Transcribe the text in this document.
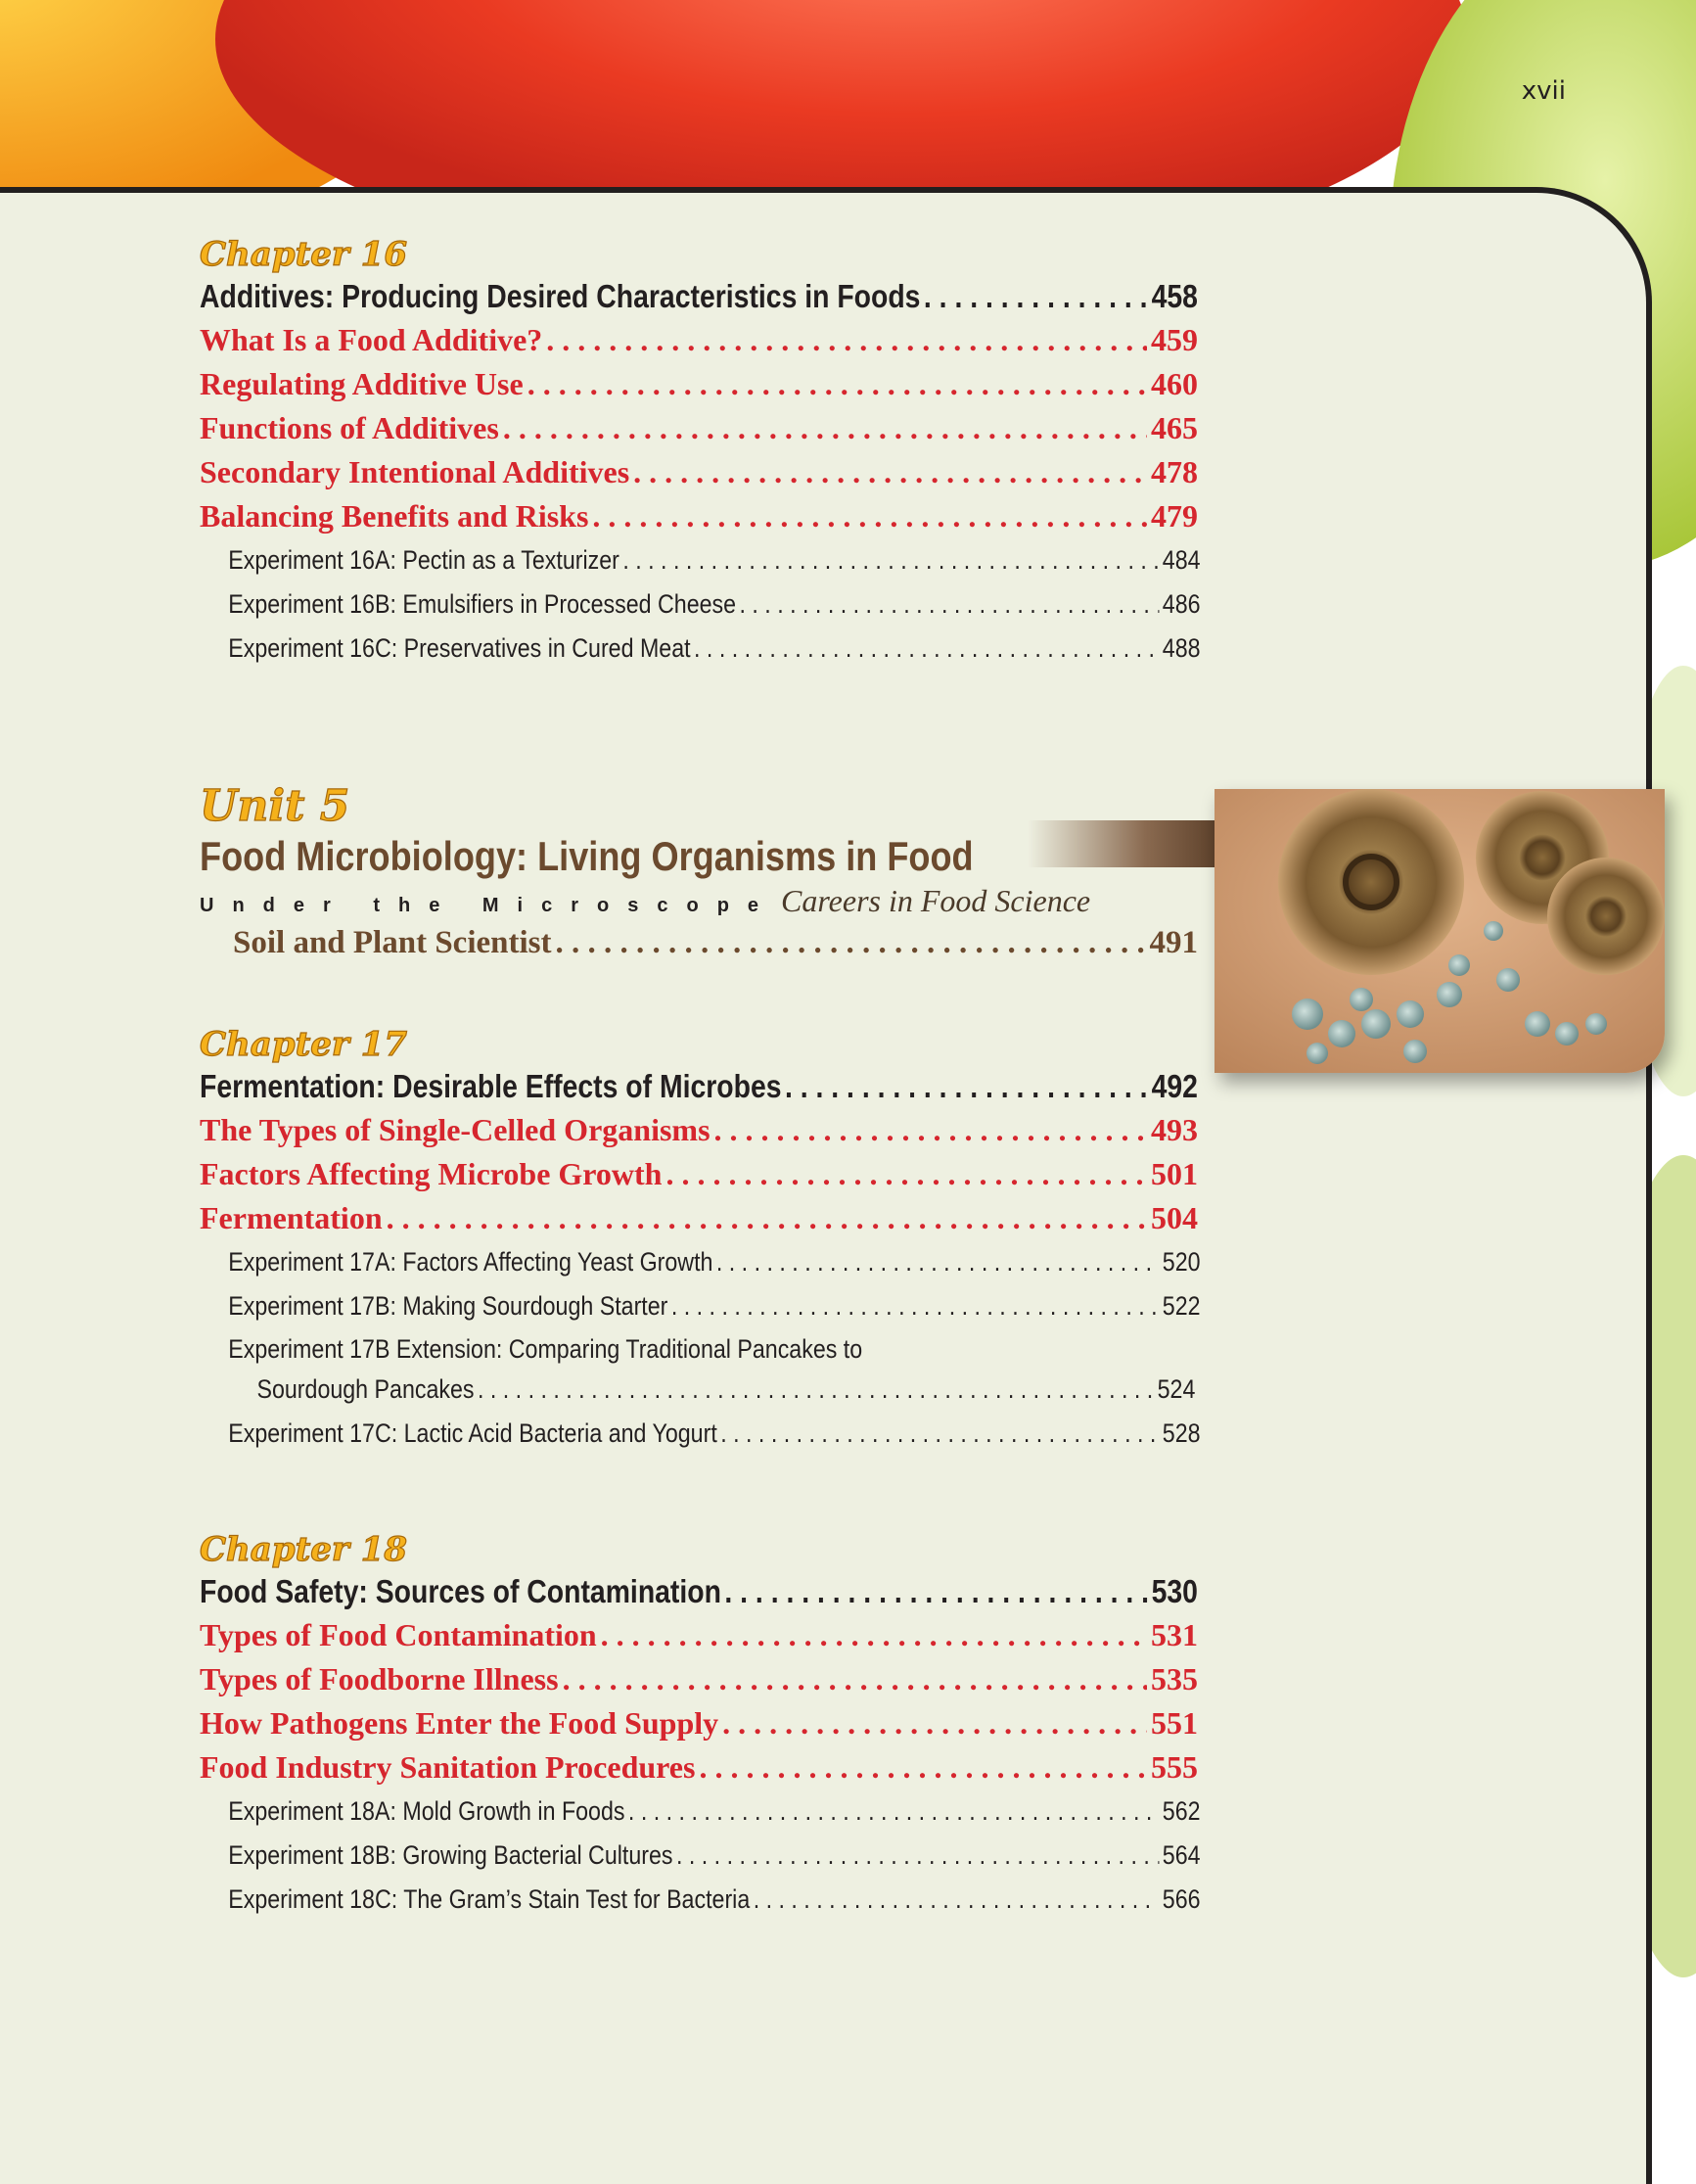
xvii
Chapter 16
Additives: Producing Desired Characteristics in Foods . . .	458
What Is a Food Additive? . . .	459
Regulating Additive Use . . .	460
Functions of Additives . . .	465
Secondary Intentional Additives . . .	478
Balancing Benefits and Risks . . .	479
Experiment 16A: Pectin as a Texturizer . . .	484
Experiment 16B: Emulsifiers in Processed Cheese . . .	486
Experiment 16C: Preservatives in Cured Meat . . .	488
Unit 5
Food Microbiology: Living Organisms in Food
Under the Microscope Careers in Food Science
Soil and Plant Scientist . . .	491
Chapter 17
Fermentation: Desirable Effects of Microbes . . .	492
The Types of Single-Celled Organisms . . .	493
Factors Affecting Microbe Growth . . .	501
Fermentation . . .	504
Experiment 17A: Factors Affecting Yeast Growth . . .	520
Experiment 17B: Making Sourdough Starter . . .	522
Experiment 17B Extension: Comparing Traditional Pancakes to
Sourdough Pancakes . . .	524
Experiment 17C: Lactic Acid Bacteria and Yogurt . . .	528
Chapter 18
Food Safety: Sources of Contamination . . .	530
Types of Food Contamination . . .	531
Types of Foodborne Illness . . .	535
How Pathogens Enter the Food Supply . . .	551
Food Industry Sanitation Procedures . . .	555
Experiment 18A: Mold Growth in Foods . . .	562
Experiment 18B: Growing Bacterial Cultures . . .	564
Experiment 18C: The Gram’s Stain Test for Bacteria . . .	566
